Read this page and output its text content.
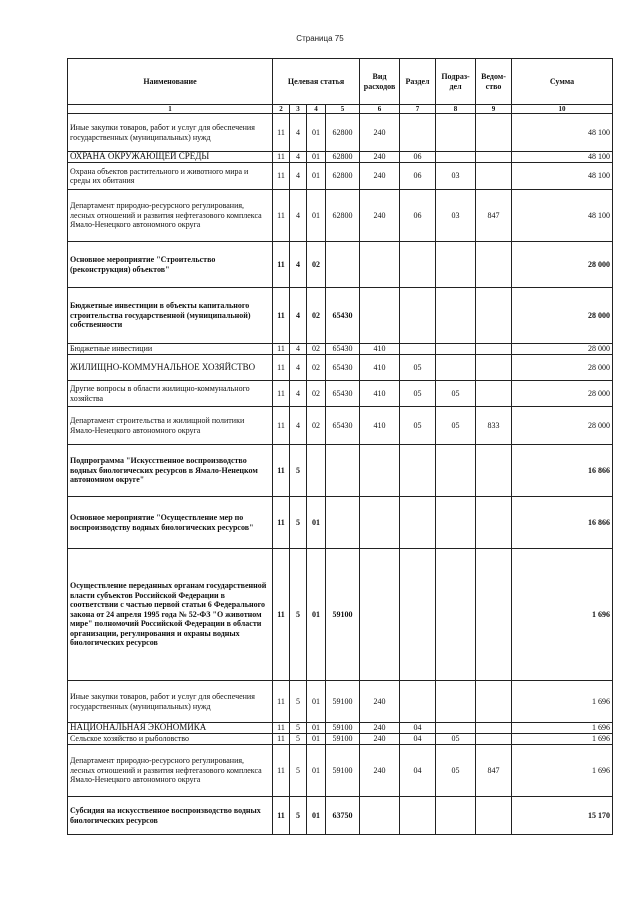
Страница 75
Наименование	Целевая статья				Вид расходов	Раздел	Подраз-дел	Ведом-ство	Сумма
1	2	3	4	5	6	7	8	9	10
Иные закупки товаров, работ и услуг для обеспечения государственных (муниципальных) нужд	11	4	01	62800	240				48 100
ОХРАНА ОКРУЖАЮЩЕЙ СРЕДЫ	11	4	01	62800	240	06			48 100
Охрана объектов растительного и животного мира и среды их обитания	11	4	01	62800	240	06	03		48 100
Департамент природно-ресурсного регулирования, лесных отношений и развития нефтегазового комплекса Ямало-Ненецкого автономного округа	11	4	01	62800	240	06	03	847	48 100
Основное мероприятие "Строительство (реконструкция) объектов"	11	4	02						28 000
Бюджетные инвестиции в объекты капитального строительства государственной (муниципальной) собственности	11	4	02	65430					28 000
Бюджетные инвестиции	11	4	02	65430	410				28 000
ЖИЛИЩНО-КОММУНАЛЬНОЕ ХОЗЯЙСТВО	11	4	02	65430	410	05			28 000
Другие вопросы в области жилищно-коммунального хозяйства	11	4	02	65430	410	05	05		28 000
Департамент строительства и жилищной политики Ямало-Ненецкого автономного округа	11	4	02	65430	410	05	05	833	28 000
Подпрограмма "Искусственное воспроизводство водных биологических ресурсов в Ямало-Ненецком автономном округе"	11	5							16 866
Основное мероприятие "Осуществление мер по воспроизводству водных биологических ресурсов"	11	5	01						16 866
Осуществление переданных органам государственной власти субъектов Российской Федерации в соответствии с частью первой статьи 6 Федерального закона от 24 апреля 1995 года № 52-ФЗ "О животном мире" полномочий Российской Федерации в области организации, регулирования и охраны водных биологических ресурсов	11	5	01	59100					1 696
Иные закупки товаров, работ и услуг для обеспечения государственных (муниципальных) нужд	11	5	01	59100	240				1 696
НАЦИОНАЛЬНАЯ ЭКОНОМИКА	11	5	01	59100	240	04			1 696
Сельское хозяйство и рыболовство	11	5	01	59100	240	04	05		1 696
Департамент природно-ресурсного регулирования, лесных отношений и развития нефтегазового комплекса Ямало-Ненецкого автономного округа	11	5	01	59100	240	04	05	847	1 696
Субсидия на искусственное воспроизводство водных биологических ресурсов	11	5	01	63750					15 170
